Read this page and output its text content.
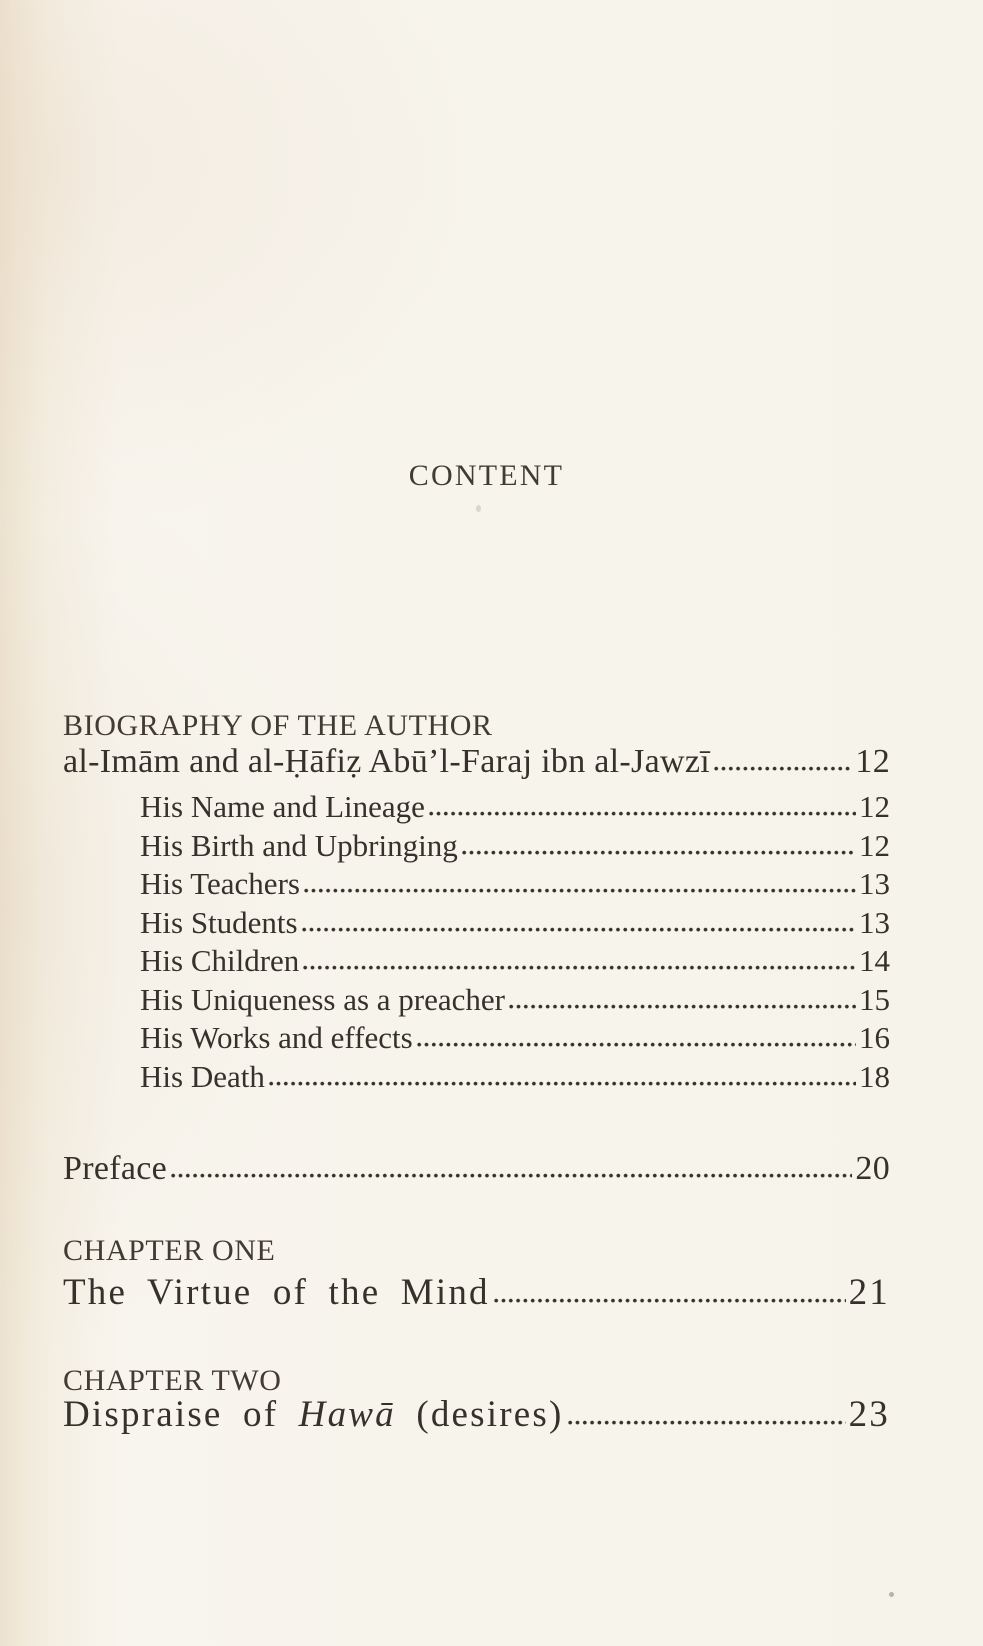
CONTENT
BIOGRAPHY OF THE AUTHOR
al-Imām and al-Ḥāfiẓ Abū’l-Faraj ibn al-Jawzī	12
His Name and Lineage	12
His Birth and Upbringing	12
His Teachers	13
His Students	13
His Children	14
His Uniqueness as a preacher	15
His Works and effects	16
His Death	18
Preface	20
CHAPTER ONE
The Virtue of the Mind	21
CHAPTER TWO
Dispraise of Hawā (desires)	23
